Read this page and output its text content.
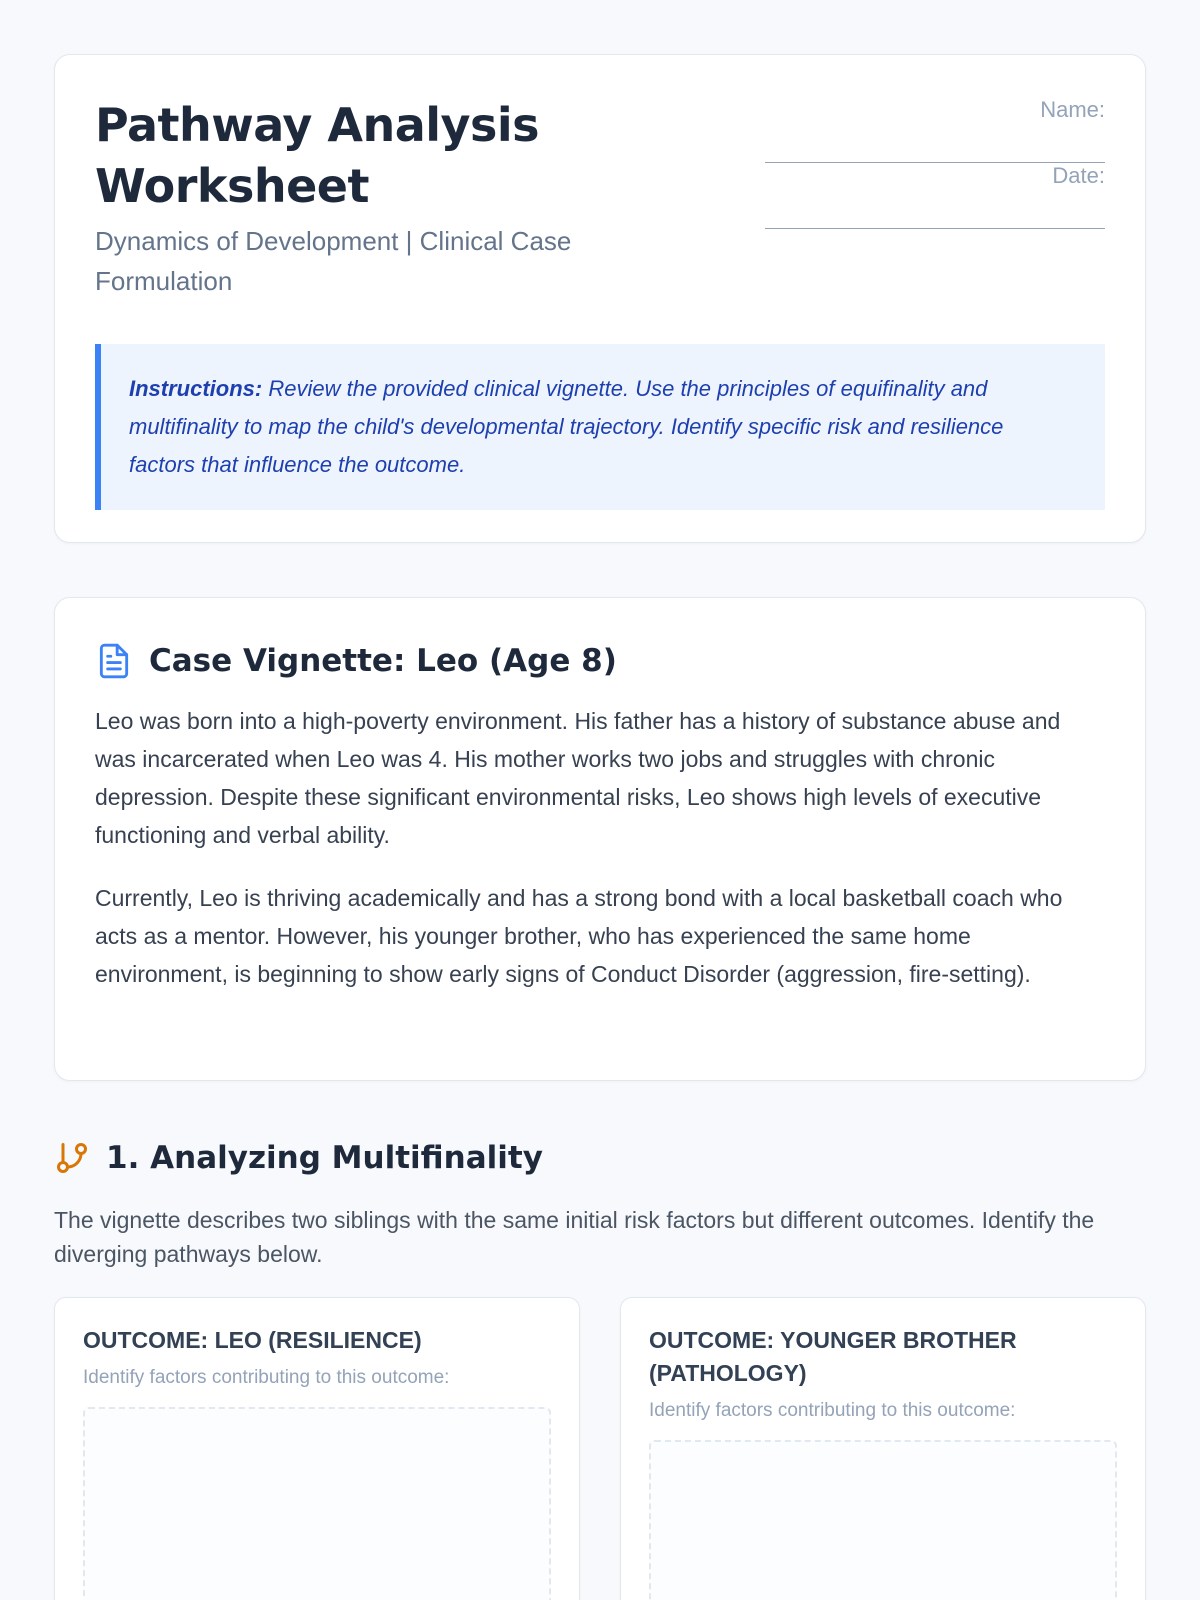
Pathway Analysis
Worksheet
Dynamics of Development | Clinical Case
Formulation
Name:
Date:
Instructions: Review the provided clinical vignette. Use the principles of equifinality and multifinality to map the child's developmental trajectory. Identify specific risk and resilience factors that influence the outcome.
Case Vignette: Leo (Age 8)

Leo was born into a high-poverty environment. His father has a history of substance abuse and was incarcerated when Leo was 4. His mother works two jobs and struggles with chronic depression. Despite these significant environmental risks, Leo shows high levels of executive functioning and verbal ability.

Currently, Leo is thriving academically and has a strong bond with a local basketball coach who acts as a mentor. However, his younger brother, who has experienced the same home environment, is beginning to show early signs of Conduct Disorder (aggression, fire-setting).

1. Analyzing Multifinality
The vignette describes two siblings with the same initial risk factors but different outcomes. Identify the diverging pathways below.
OUTCOME: LEO (RESILIENCE)
Identify factors contributing to this outcome:
OUTCOME: YOUNGER BROTHER (PATHOLOGY)
Identify factors contributing to this outcome:
